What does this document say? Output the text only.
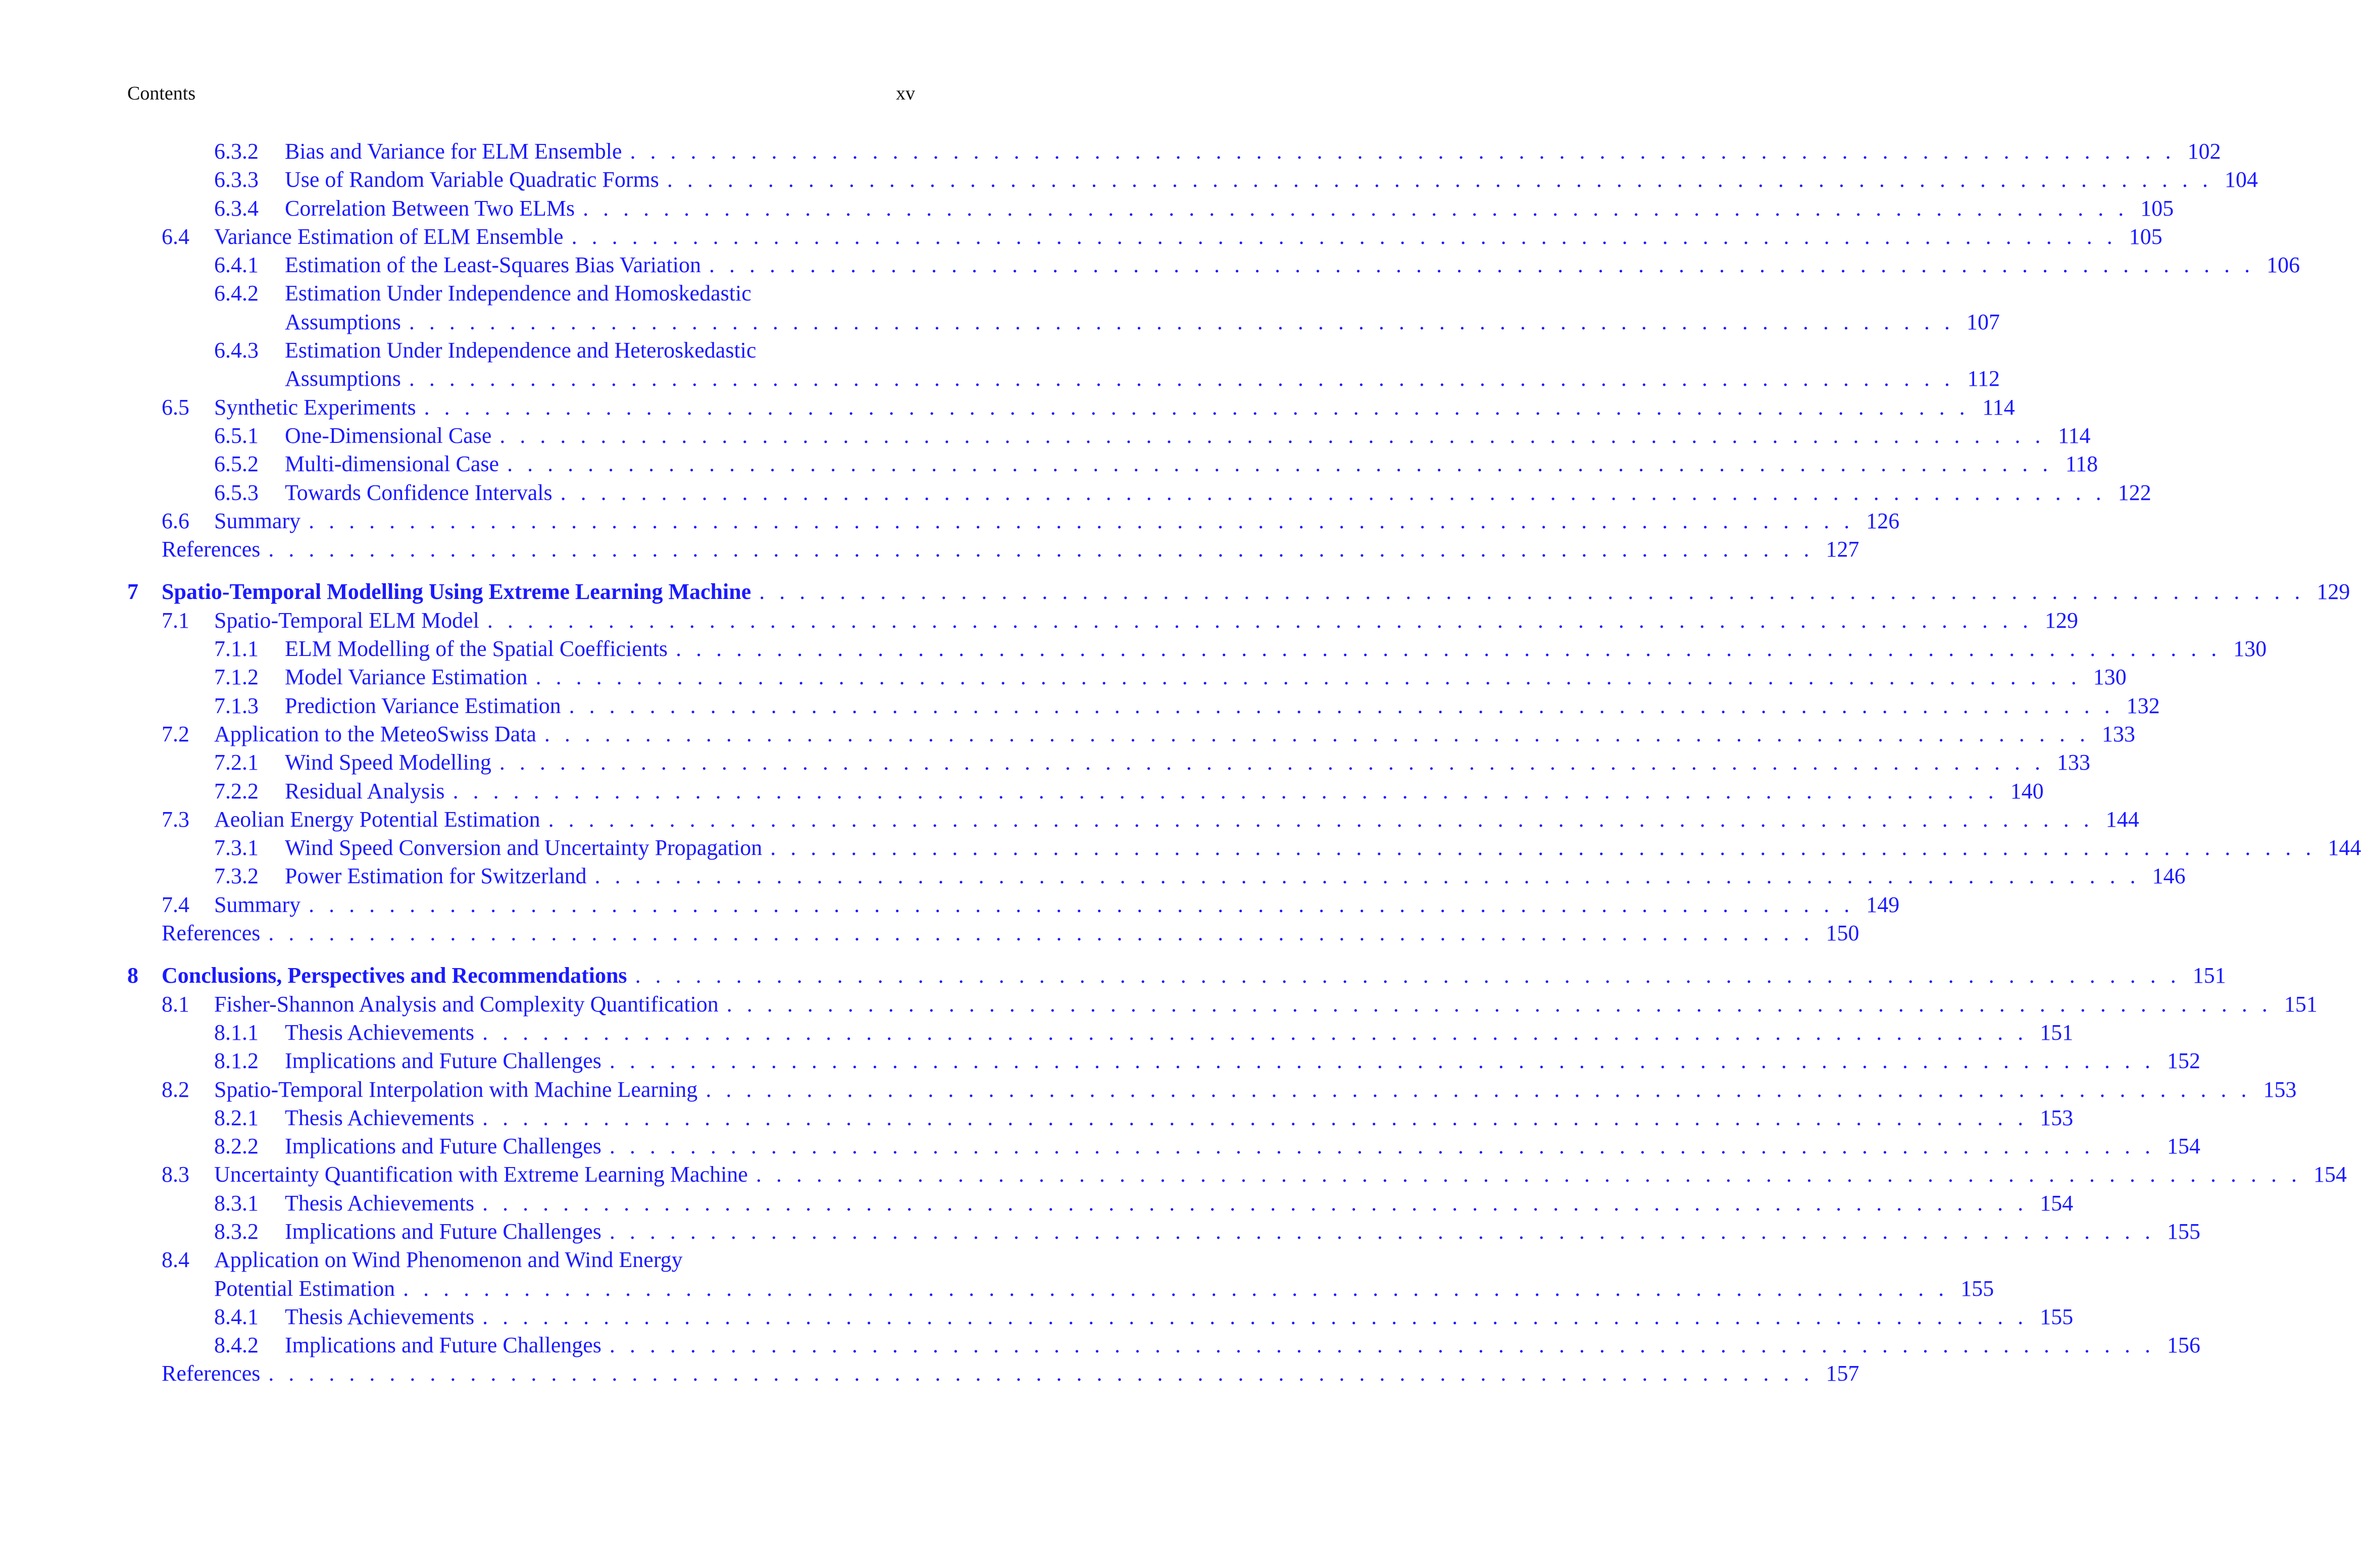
Contents	xv
6.3.2 Bias and Variance for ELM Ensemble . . . . . . . . . . . . . . . . . . . . . . . . . . . . . . . . . . . . . . . . . . . . . . . . . . . . . . . . . . . . . . . . . . . . . . . . . . . . . 102
6.3.3 Use of Random Variable Quadratic Forms . . . . . . . . . . . . . . . . . . . . . . . . . . . . . . . . . . . . . . . . . . . . . . . . . . . . . . . . . . . . . . . . . . . . . . . . . . . . . 104
6.3.4 Correlation Between Two ELMs . . . . . . . . . . . . . . . . . . . . . . . . . . . . . . . . . . . . . . . . . . . . . . . . . . . . . . . . . . . . . . . . . . . . . . . . . . . . . 105
6.4 Variance Estimation of ELM Ensemble . . . . . . . . . . . . . . . . . . . . . . . . . . . . . . . . . . . . . . . . . . . . . . . . . . . . . . . . . . . . . . . . . . . . . . . . . . . . . 105
6.4.1 Estimation of the Least-Squares Bias Variation . . . . . . . . . . . . . . . . . . . . . . . . . . . . . . . . . . . . . . . . . . . . . . . . . . . . . . . . . . . . . . . . . . . . . . . . . . . . . 106
6.4.2 Estimation Under Independence and Homoskedastic
Assumptions . . . . . . . . . . . . . . . . . . . . . . . . . . . . . . . . . . . . . . . . . . . . . . . . . . . . . . . . . . . . . . . . . . . . . . . . . . . . . 107
6.4.3 Estimation Under Independence and Heteroskedastic
Assumptions . . . . . . . . . . . . . . . . . . . . . . . . . . . . . . . . . . . . . . . . . . . . . . . . . . . . . . . . . . . . . . . . . . . . . . . . . . . . . 112
6.5 Synthetic Experiments . . . . . . . . . . . . . . . . . . . . . . . . . . . . . . . . . . . . . . . . . . . . . . . . . . . . . . . . . . . . . . . . . . . . . . . . . . . . . 114
6.5.1 One-Dimensional Case . . . . . . . . . . . . . . . . . . . . . . . . . . . . . . . . . . . . . . . . . . . . . . . . . . . . . . . . . . . . . . . . . . . . . . . . . . . . . 114
6.5.2 Multi-dimensional Case . . . . . . . . . . . . . . . . . . . . . . . . . . . . . . . . . . . . . . . . . . . . . . . . . . . . . . . . . . . . . . . . . . . . . . . . . . . . . 118
6.5.3 Towards Confidence Intervals . . . . . . . . . . . . . . . . . . . . . . . . . . . . . . . . . . . . . . . . . . . . . . . . . . . . . . . . . . . . . . . . . . . . . . . . . . . . . 122
6.6 Summary . . . . . . . . . . . . . . . . . . . . . . . . . . . . . . . . . . . . . . . . . . . . . . . . . . . . . . . . . . . . . . . . . . . . . . . . . . . . . 126
References . . . . . . . . . . . . . . . . . . . . . . . . . . . . . . . . . . . . . . . . . . . . . . . . . . . . . . . . . . . . . . . . . . . . . . . . . . . . . 127
7 Spatio-Temporal Modelling Using Extreme Learning Machine . . . . . . . . . . . . . . . . . . . . . . . . . . . . . . . . . . . . . . . . . . . . . . . . . . . . . . . . . . . . . . . . . . . . . . . . . . . . . 129
7.1 Spatio-Temporal ELM Model . . . . . . . . . . . . . . . . . . . . . . . . . . . . . . . . . . . . . . . . . . . . . . . . . . . . . . . . . . . . . . . . . . . . . . . . . . . . . 129
7.1.1 ELM Modelling of the Spatial Coefficients . . . . . . . . . . . . . . . . . . . . . . . . . . . . . . . . . . . . . . . . . . . . . . . . . . . . . . . . . . . . . . . . . . . . . . . . . . . . . 130
7.1.2 Model Variance Estimation . . . . . . . . . . . . . . . . . . . . . . . . . . . . . . . . . . . . . . . . . . . . . . . . . . . . . . . . . . . . . . . . . . . . . . . . . . . . . 130
7.1.3 Prediction Variance Estimation . . . . . . . . . . . . . . . . . . . . . . . . . . . . . . . . . . . . . . . . . . . . . . . . . . . . . . . . . . . . . . . . . . . . . . . . . . . . . 132
7.2 Application to the MeteoSwiss Data . . . . . . . . . . . . . . . . . . . . . . . . . . . . . . . . . . . . . . . . . . . . . . . . . . . . . . . . . . . . . . . . . . . . . . . . . . . . . 133
7.2.1 Wind Speed Modelling . . . . . . . . . . . . . . . . . . . . . . . . . . . . . . . . . . . . . . . . . . . . . . . . . . . . . . . . . . . . . . . . . . . . . . . . . . . . . 133
7.2.2 Residual Analysis . . . . . . . . . . . . . . . . . . . . . . . . . . . . . . . . . . . . . . . . . . . . . . . . . . . . . . . . . . . . . . . . . . . . . . . . . . . . . 140
7.3 Aeolian Energy Potential Estimation . . . . . . . . . . . . . . . . . . . . . . . . . . . . . . . . . . . . . . . . . . . . . . . . . . . . . . . . . . . . . . . . . . . . . . . . . . . . . 144
7.3.1 Wind Speed Conversion and Uncertainty Propagation . . . . . . . . . . . . . . . . . . . . . . . . . . . . . . . . . . . . . . . . . . . . . . . . . . . . . . . . . . . . . . . . . . . . . . . . . . . . . 144
7.3.2 Power Estimation for Switzerland . . . . . . . . . . . . . . . . . . . . . . . . . . . . . . . . . . . . . . . . . . . . . . . . . . . . . . . . . . . . . . . . . . . . . . . . . . . . . 146
7.4 Summary . . . . . . . . . . . . . . . . . . . . . . . . . . . . . . . . . . . . . . . . . . . . . . . . . . . . . . . . . . . . . . . . . . . . . . . . . . . . . 149
References . . . . . . . . . . . . . . . . . . . . . . . . . . . . . . . . . . . . . . . . . . . . . . . . . . . . . . . . . . . . . . . . . . . . . . . . . . . . . 150
8 Conclusions, Perspectives and Recommendations . . . . . . . . . . . . . . . . . . . . . . . . . . . . . . . . . . . . . . . . . . . . . . . . . . . . . . . . . . . . . . . . . . . . . . . . . . . . . 151
8.1 Fisher-Shannon Analysis and Complexity Quantification . . . . . . . . . . . . . . . . . . . . . . . . . . . . . . . . . . . . . . . . . . . . . . . . . . . . . . . . . . . . . . . . . . . . . . . . . . . . . 151
8.1.1 Thesis Achievements . . . . . . . . . . . . . . . . . . . . . . . . . . . . . . . . . . . . . . . . . . . . . . . . . . . . . . . . . . . . . . . . . . . . . . . . . . . . . 151
8.1.2 Implications and Future Challenges . . . . . . . . . . . . . . . . . . . . . . . . . . . . . . . . . . . . . . . . . . . . . . . . . . . . . . . . . . . . . . . . . . . . . . . . . . . . . 152
8.2 Spatio-Temporal Interpolation with Machine Learning . . . . . . . . . . . . . . . . . . . . . . . . . . . . . . . . . . . . . . . . . . . . . . . . . . . . . . . . . . . . . . . . . . . . . . . . . . . . . 153
8.2.1 Thesis Achievements . . . . . . . . . . . . . . . . . . . . . . . . . . . . . . . . . . . . . . . . . . . . . . . . . . . . . . . . . . . . . . . . . . . . . . . . . . . . . 153
8.2.2 Implications and Future Challenges . . . . . . . . . . . . . . . . . . . . . . . . . . . . . . . . . . . . . . . . . . . . . . . . . . . . . . . . . . . . . . . . . . . . . . . . . . . . . 154
8.3 Uncertainty Quantification with Extreme Learning Machine . . . . . . . . . . . . . . . . . . . . . . . . . . . . . . . . . . . . . . . . . . . . . . . . . . . . . . . . . . . . . . . . . . . . . . . . . . . . . 154
8.3.1 Thesis Achievements . . . . . . . . . . . . . . . . . . . . . . . . . . . . . . . . . . . . . . . . . . . . . . . . . . . . . . . . . . . . . . . . . . . . . . . . . . . . . 154
8.3.2 Implications and Future Challenges . . . . . . . . . . . . . . . . . . . . . . . . . . . . . . . . . . . . . . . . . . . . . . . . . . . . . . . . . . . . . . . . . . . . . . . . . . . . . 155
8.4 Application on Wind Phenomenon and Wind Energy
Potential Estimation . . . . . . . . . . . . . . . . . . . . . . . . . . . . . . . . . . . . . . . . . . . . . . . . . . . . . . . . . . . . . . . . . . . . . . . . . . . . . 155
8.4.1 Thesis Achievements . . . . . . . . . . . . . . . . . . . . . . . . . . . . . . . . . . . . . . . . . . . . . . . . . . . . . . . . . . . . . . . . . . . . . . . . . . . . . 155
8.4.2 Implications and Future Challenges . . . . . . . . . . . . . . . . . . . . . . . . . . . . . . . . . . . . . . . . . . . . . . . . . . . . . . . . . . . . . . . . . . . . . . . . . . . . . 156
References . . . . . . . . . . . . . . . . . . . . . . . . . . . . . . . . . . . . . . . . . . . . . . . . . . . . . . . . . . . . . . . . . . . . . . . . . . . . . 157
